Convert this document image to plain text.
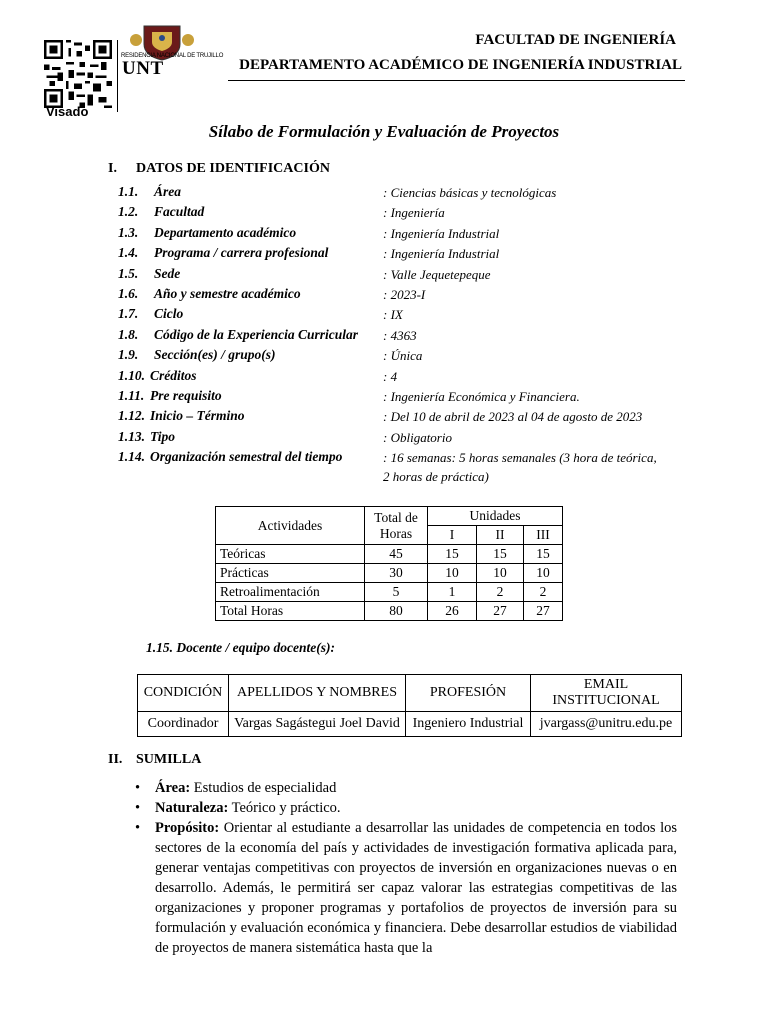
Visado
RESIDENCIA NACIONAL DE TRUJILLO
UNT
FACULTAD DE INGENIERÍA
DEPARTAMENTO ACADÉMICO DE INGENIERÍA INDUSTRIAL
Sílabo de Formulación y Evaluación de Proyectos
I. DATOS DE IDENTIFICACIÓN
1.1. Área	: Ciencias básicas y tecnológicas
1.2. Facultad	: Ingeniería
1.3. Departamento académico	: Ingeniería Industrial
1.4. Programa / carrera profesional	: Ingeniería Industrial
1.5. Sede	: Valle Jequetepeque
1.6. Año y semestre académico	: 2023-I
1.7. Ciclo	: IX
1.8. Código de la Experiencia Curricular : 4363
1.9. Sección(es) / grupo(s)	: Única
1.10. Créditos	: 4
1.11. Pre requisito	: Ingeniería Económica y Financiera.
1.12. Inicio – Término	: Del 10 de abril de 2023 al 04 de agosto de 2023
1.13. Tipo	: Obligatorio
1.14. Organización semestral del tiempo	: 16 semanas: 5 horas semanales (3 hora de teórica,
2 horas de práctica)
Actividades	Total de Horas	Unidades		
		I	II	III
Teóricas	45	15	15	15
Prácticas	30	10	10	10
Retroalimentación	5	1	2	2
Total Horas	80	26	27	27
1.15. Docente / equipo docente(s):
CONDICIÓN	APELLIDOS Y NOMBRES	PROFESIÓN	EMAIL INSTITUCIONAL
Coordinador	Vargas Sagástegui Joel David	Ingeniero Industrial	jvargass@unitru.edu.pe
II. SUMILLA
• Área: Estudios de especialidad
• Naturaleza: Teórico y práctico.
• Propósito: Orientar al estudiante a desarrollar las unidades de competencia en todos los sectores de la economía del país y actividades de investigación formativa aplicada para, generar ventajas competitivas con proyectos de inversión en organizaciones nuevas o en desarrollo. Además, le permitirá ser capaz valorar las estrategias competitivas de las organizaciones y proponer programas y portafolios de proyectos de inversión para su formulación y evaluación económica y financiera. Debe desarrollar estudios de viabilidad de proyectos de manera sistemática hasta que la
